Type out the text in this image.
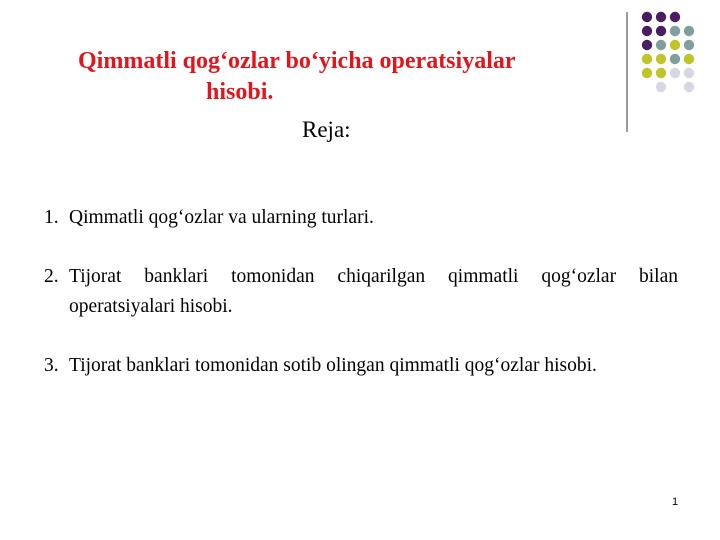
Qimmatli qog‘ozlar bo‘yicha operatsiyalar
hisobi.
Reja:
1. Qimmatli qog‘ozlar va ularning turlari.
2. Tijorat banklari tomonidan chiqarilgan qimmatli qog‘ozlar bilan operatsiyalari hisobi.
3. Tijorat banklari tomonidan sotib olingan qimmatli qog‘ozlar hisobi.
1
